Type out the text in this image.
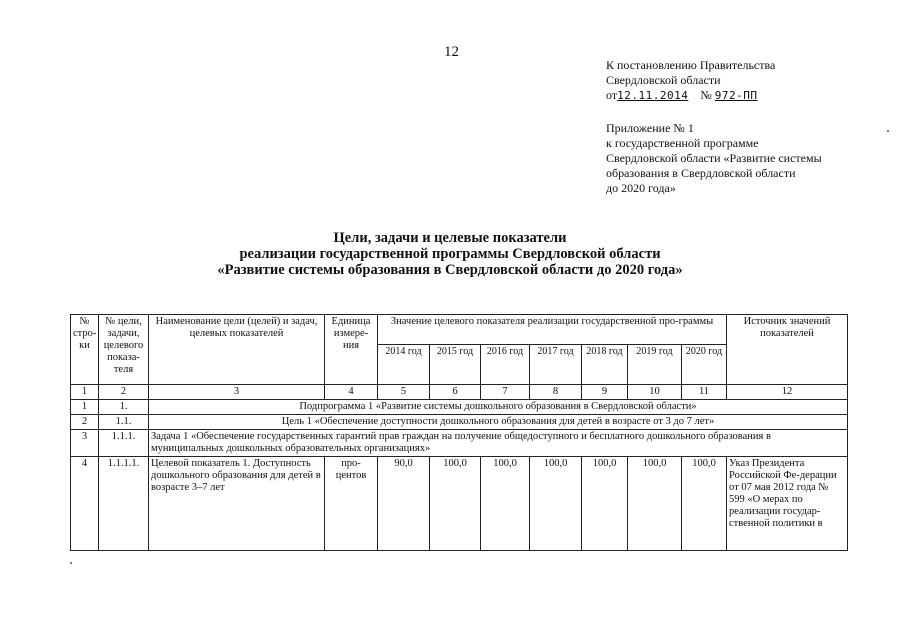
12
К постановлению Правительства
Свердловской области
от12.11.2014 № 972-ПП
Приложение № 1
к государственной программе
Свердловской области «Развитие системы
образования в Свердловской области
до 2020 года»
Цели, задачи и целевые показатели
реализации государственной программы Свердловской области
«Развитие системы образования в Свердловской области до 2020 года»
№ стро-ки	№ цели, задачи, целевого показа-теля	Наименование цели (целей) и задач, целевых показателей	Единица измере-ния	Значение целевого показателя реализации государственной про-граммы							Источник значений показателей
				2014 год	2015 год	2016 год	2017 год	2018 год	2019 год	2020 год	
1	2	3	4	5	6	7	8	9	10	11	12
1	1.	Подпрограмма 1 «Развитие системы дошкольного образования в Свердловской области»									
2	1.1.	Цель 1 «Обеспечение доступности дошкольного образования для детей в возрасте от 3 до 7 лет»									
3	1.1.1.	Задача 1 «Обеспечение государственных гарантий прав граждан на получение общедоступного и бесплатного дошкольного образования в муниципальных дошкольных образовательных организациях»									
4	1.1.1.1.	Целевой показатель 1. Доступность дошкольного образования для детей в возрасте 3–7 лет	про-центов	90,0	100,0	100,0	100,0	100,0	100,0	100,0	Указ Президента Российской Фе-дерации от 07 мая 2012 года № 599 «О мерах по реализации государ-ственной политики в
